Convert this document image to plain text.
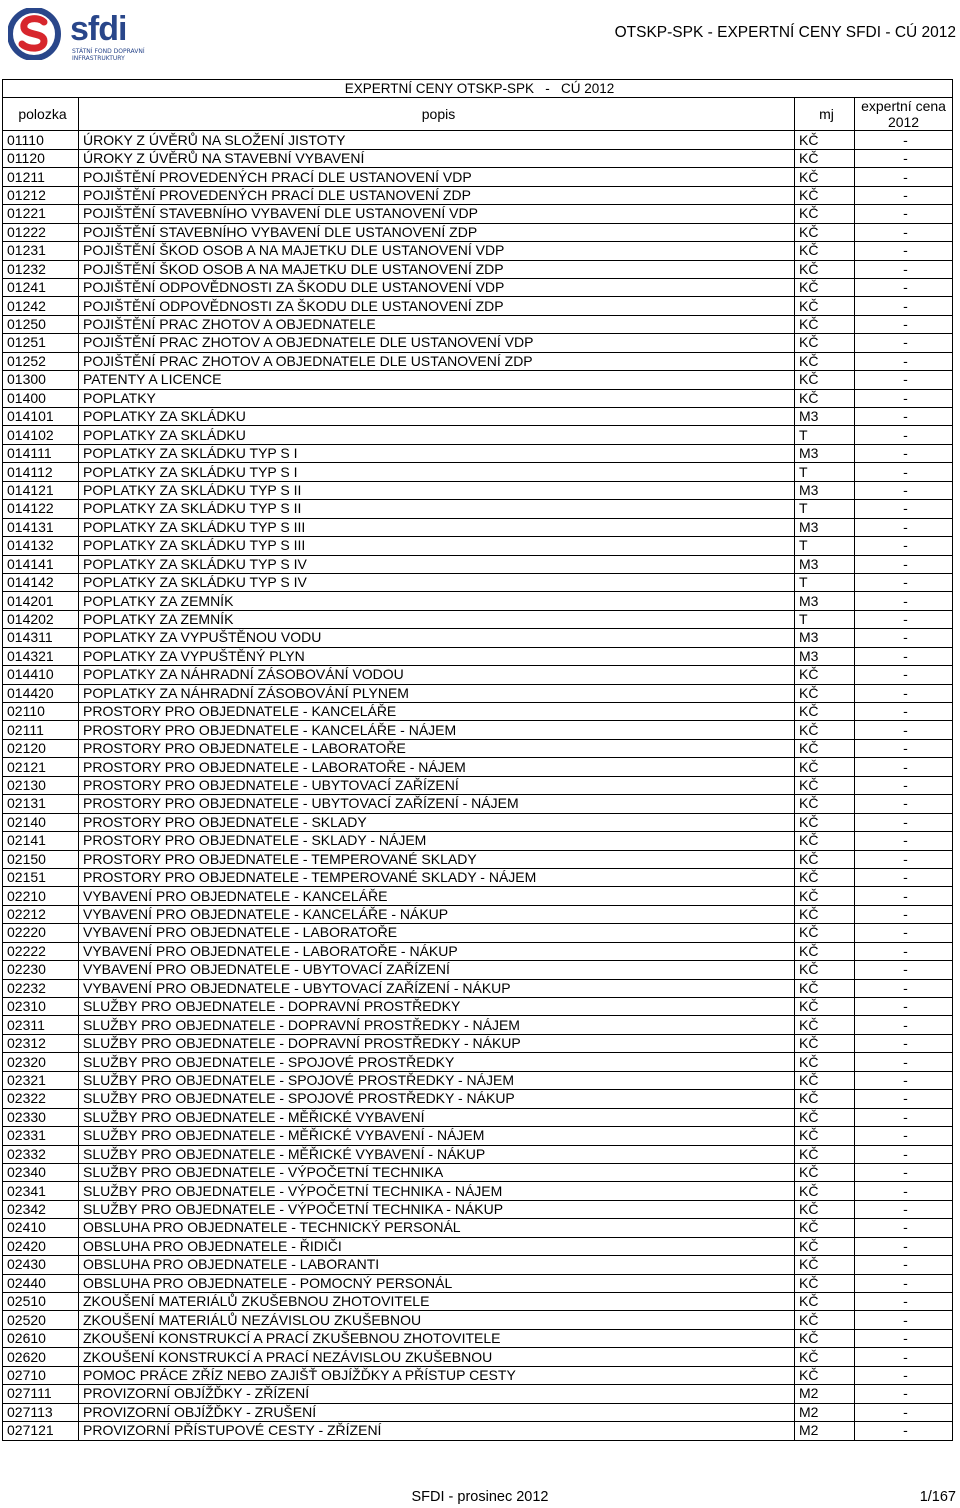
sfdi
STÁTNÍ FOND DOPRAVNÍ INFRASTRUKTURY
OTSKP-SPK - EXPERTNÍ CENY SFDI - CÚ 2012
EXPERTNÍ CENY OTSKP-SPK   -   CÚ 2012			
polozka	popis	mj	expertní cena
2012

01110	ÚROKY Z ÚVĚRŮ NA SLOŽENÍ JISTOTY	KČ	-
01120	ÚROKY Z ÚVĚRŮ NA STAVEBNÍ VYBAVENÍ	KČ	-
01211	POJIŠTĚNÍ PROVEDENÝCH PRACÍ DLE USTANOVENÍ VDP	KČ	-
01212	POJIŠTĚNÍ PROVEDENÝCH PRACÍ DLE USTANOVENÍ ZDP	KČ	-
01221	POJIŠTĚNÍ STAVEBNÍHO VYBAVENÍ DLE USTANOVENÍ VDP	KČ	-
01222	POJIŠTĚNÍ STAVEBNÍHO VYBAVENÍ DLE USTANOVENÍ ZDP	KČ	-
01231	POJIŠTĚNÍ ŠKOD OSOB A NA MAJETKU DLE USTANOVENÍ VDP	KČ	-
01232	POJIŠTĚNÍ ŠKOD OSOB A NA MAJETKU DLE USTANOVENÍ ZDP	KČ	-
01241	POJIŠTĚNÍ ODPOVĚDNOSTI ZA ŠKODU DLE USTANOVENÍ VDP	KČ	-
01242	POJIŠTĚNÍ ODPOVĚDNOSTI ZA ŠKODU DLE USTANOVENÍ ZDP	KČ	-
01250	POJIŠTĚNÍ PRAC ZHOTOV A OBJEDNATELE	KČ	-
01251	POJIŠTĚNÍ PRAC ZHOTOV A OBJEDNATELE DLE USTANOVENÍ VDP	KČ	-
01252	POJIŠTĚNÍ PRAC ZHOTOV A OBJEDNATELE DLE USTANOVENÍ ZDP	KČ	-
01300	PATENTY A LICENCE	KČ	-
01400	POPLATKY	KČ	-
014101	POPLATKY ZA SKLÁDKU	M3	-
014102	POPLATKY ZA SKLÁDKU	T	-
014111	POPLATKY ZA SKLÁDKU TYP S I	M3	-
014112	POPLATKY ZA SKLÁDKU TYP S I	T	-
014121	POPLATKY ZA SKLÁDKU TYP S II	M3	-
014122	POPLATKY ZA SKLÁDKU TYP S II	T	-
014131	POPLATKY ZA SKLÁDKU TYP S III	M3	-
014132	POPLATKY ZA SKLÁDKU TYP S III	T	-
014141	POPLATKY ZA SKLÁDKU TYP S IV	M3	-
014142	POPLATKY ZA SKLÁDKU TYP S IV	T	-
014201	POPLATKY ZA ZEMNÍK	M3	-
014202	POPLATKY ZA ZEMNÍK	T	-
014311	POPLATKY ZA VYPUŠTĚNOU VODU	M3	-
014321	POPLATKY ZA VYPUŠTĚNÝ PLYN	M3	-
014410	POPLATKY ZA NÁHRADNÍ ZÁSOBOVÁNÍ VODOU	KČ	-
014420	POPLATKY ZA NÁHRADNÍ ZÁSOBOVÁNÍ PLYNEM	KČ	-
02110	PROSTORY PRO OBJEDNATELE - KANCELÁŘE	KČ	-
02111	PROSTORY PRO OBJEDNATELE - KANCELÁŘE - NÁJEM	KČ	-
02120	PROSTORY PRO OBJEDNATELE - LABORATOŘE	KČ	-
02121	PROSTORY PRO OBJEDNATELE - LABORATOŘE - NÁJEM	KČ	-
02130	PROSTORY PRO OBJEDNATELE - UBYTOVACÍ ZAŘÍZENÍ	KČ	-
02131	PROSTORY PRO OBJEDNATELE - UBYTOVACÍ ZAŘÍZENÍ - NÁJEM	KČ	-
02140	PROSTORY PRO OBJEDNATELE - SKLADY	KČ	-
02141	PROSTORY PRO OBJEDNATELE - SKLADY - NÁJEM	KČ	-
02150	PROSTORY PRO OBJEDNATELE - TEMPEROVANÉ SKLADY	KČ	-
02151	PROSTORY PRO OBJEDNATELE - TEMPEROVANÉ SKLADY - NÁJEM	KČ	-
02210	VYBAVENÍ PRO OBJEDNATELE - KANCELÁŘE	KČ	-
02212	VYBAVENÍ PRO OBJEDNATELE - KANCELÁŘE - NÁKUP	KČ	-
02220	VYBAVENÍ PRO OBJEDNATELE - LABORATOŘE	KČ	-
02222	VYBAVENÍ PRO OBJEDNATELE - LABORATOŘE - NÁKUP	KČ	-
02230	VYBAVENÍ PRO OBJEDNATELE - UBYTOVACÍ ZAŘÍZENÍ	KČ	-
02232	VYBAVENÍ PRO OBJEDNATELE - UBYTOVACÍ ZAŘÍZENÍ - NÁKUP	KČ	-
02310	SLUŽBY PRO OBJEDNATELE - DOPRAVNÍ PROSTŘEDKY	KČ	-
02311	SLUŽBY PRO OBJEDNATELE - DOPRAVNÍ PROSTŘEDKY - NÁJEM	KČ	-
02312	SLUŽBY PRO OBJEDNATELE - DOPRAVNÍ PROSTŘEDKY - NÁKUP	KČ	-
02320	SLUŽBY PRO OBJEDNATELE - SPOJOVÉ PROSTŘEDKY	KČ	-
02321	SLUŽBY PRO OBJEDNATELE - SPOJOVÉ PROSTŘEDKY - NÁJEM	KČ	-
02322	SLUŽBY PRO OBJEDNATELE - SPOJOVÉ PROSTŘEDKY - NÁKUP	KČ	-
02330	SLUŽBY PRO OBJEDNATELE - MĚŘICKÉ VYBAVENÍ	KČ	-
02331	SLUŽBY PRO OBJEDNATELE - MĚŘICKÉ VYBAVENÍ - NÁJEM	KČ	-
02332	SLUŽBY PRO OBJEDNATELE - MĚŘICKÉ VYBAVENÍ - NÁKUP	KČ	-
02340	SLUŽBY PRO OBJEDNATELE - VÝPOČETNÍ TECHNIKA	KČ	-
02341	SLUŽBY PRO OBJEDNATELE - VÝPOČETNÍ TECHNIKA - NÁJEM	KČ	-
02342	SLUŽBY PRO OBJEDNATELE - VÝPOČETNÍ TECHNIKA - NÁKUP	KČ	-
02410	OBSLUHA PRO OBJEDNATELE - TECHNICKÝ PERSONÁL	KČ	-
02420	OBSLUHA PRO OBJEDNATELE - ŘIDIČI	KČ	-
02430	OBSLUHA PRO OBJEDNATELE - LABORANTI	KČ	-
02440	OBSLUHA PRO OBJEDNATELE - POMOCNÝ PERSONÁL	KČ	-
02510	ZKOUŠENÍ MATERIÁLŮ ZKUŠEBNOU ZHOTOVITELE	KČ	-
02520	ZKOUŠENÍ MATERIÁLŮ NEZÁVISLOU ZKUŠEBNOU	KČ	-
02610	ZKOUŠENÍ KONSTRUKCÍ A PRACÍ ZKUŠEBNOU ZHOTOVITELE	KČ	-
02620	ZKOUŠENÍ KONSTRUKCÍ A PRACÍ NEZÁVISLOU ZKUŠEBNOU	KČ	-
02710	POMOC PRÁCE ZŘÍZ NEBO ZAJIŠŤ OBJÍŽĎKY A PŘÍSTUP CESTY	KČ	-
027111	PROVIZORNÍ OBJÍŽĎKY - ZŘÍZENÍ	M2	-
027113	PROVIZORNÍ OBJÍŽĎKY - ZRUŠENÍ	M2	-
027121	PROVIZORNÍ PŘÍSTUPOVÉ CESTY - ZŘÍZENÍ	M2	-
SFDI - prosinec 2012	1/167
